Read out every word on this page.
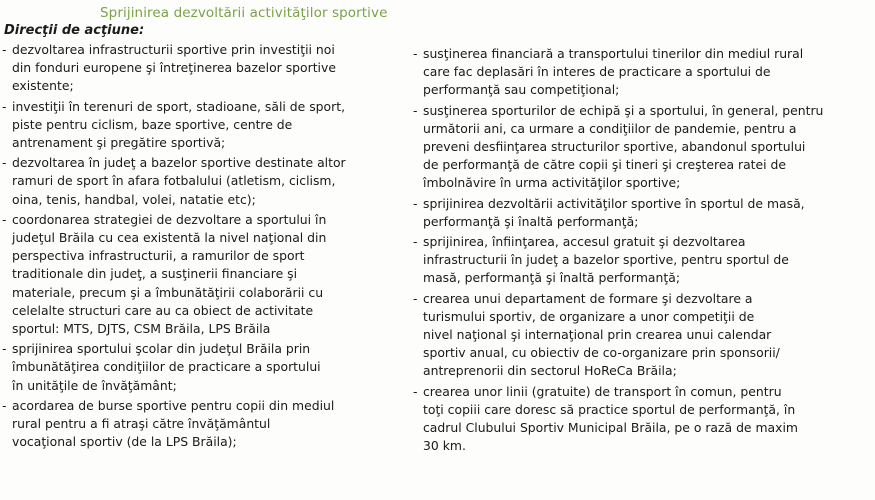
Sprijinirea dezvoltării activităţilor sportive
Direcţii de acţiune:
- dezvoltarea infrastructurii sportive prin investiţii noi
din fonduri europene şi întreţinerea bazelor sportive
existente;
- investiţii în terenuri de sport, stadioane, săli de sport,
piste pentru ciclism, baze sportive, centre de
antrenament şi pregătire sportivă;
- dezvoltarea în judeţ a bazelor sportive destinate altor
ramuri de sport în afara fotbalului (atletism, ciclism,
oina, tenis, handbal, volei, natatie etc);
- coordonarea strategiei de dezvoltare a sportului în
judeţul Brăila cu cea existentă la nivel naţional din
perspectiva infrastructurii, a ramurilor de sport
traditionale din judeţ, a susţinerii financiare şi
materiale, precum şi a îmbunătăţirii colaborării cu
celelalte structuri care au ca obiect de activitate
sportul: MTS, DJTS, CSM Brăila, LPS Brăila
- sprijinirea sportului şcolar din judeţul Brăila prin
îmbunătăţirea condiţiilor de practicare a sportului
în unităţile de învăţământ;
- acordarea de burse sportive pentru copii din mediul
rural pentru a fi atraşi către învăţământul
vocaţional sportiv (de la LPS Brăila);
- susţinerea financiară a transportului tinerilor din mediul rural
care fac deplasări în interes de practicare a sportului de
performanţă sau competiţional;
- susţinerea sporturilor de echipă şi a sportului, în general, pentru
următorii ani, ca urmare a condiţiilor de pandemie, pentru a
preveni desfiinţarea structurilor sportive, abandonul sportului
de performanţă de către copii şi tineri şi creşterea ratei de
îmbolnăvire în urma activităţilor sportive;
- sprijinirea dezvoltării activităţilor sportive în sportul de masă,
performanţă şi înaltă performanţă;
- sprijinirea, înfiinţarea, accesul gratuit şi dezvoltarea
infrastructurii în judeţ a bazelor sportive, pentru sportul de
masă, performanţă şi înaltă performanţă;
- crearea unui departament de formare şi dezvoltare a
turismului sportiv, de organizare a unor competiţii de
nivel naţional şi internaţional prin crearea unui calendar
sportiv anual, cu obiectiv de co-organizare prin sponsorii/
antreprenorii din sectorul HoReCa Brăila;
- crearea unor linii (gratuite) de transport în comun, pentru
toţi copiii care doresc să practice sportul de performanţă, în
cadrul Clubului Sportiv Municipal Brăila, pe o rază de maxim
30 km.
